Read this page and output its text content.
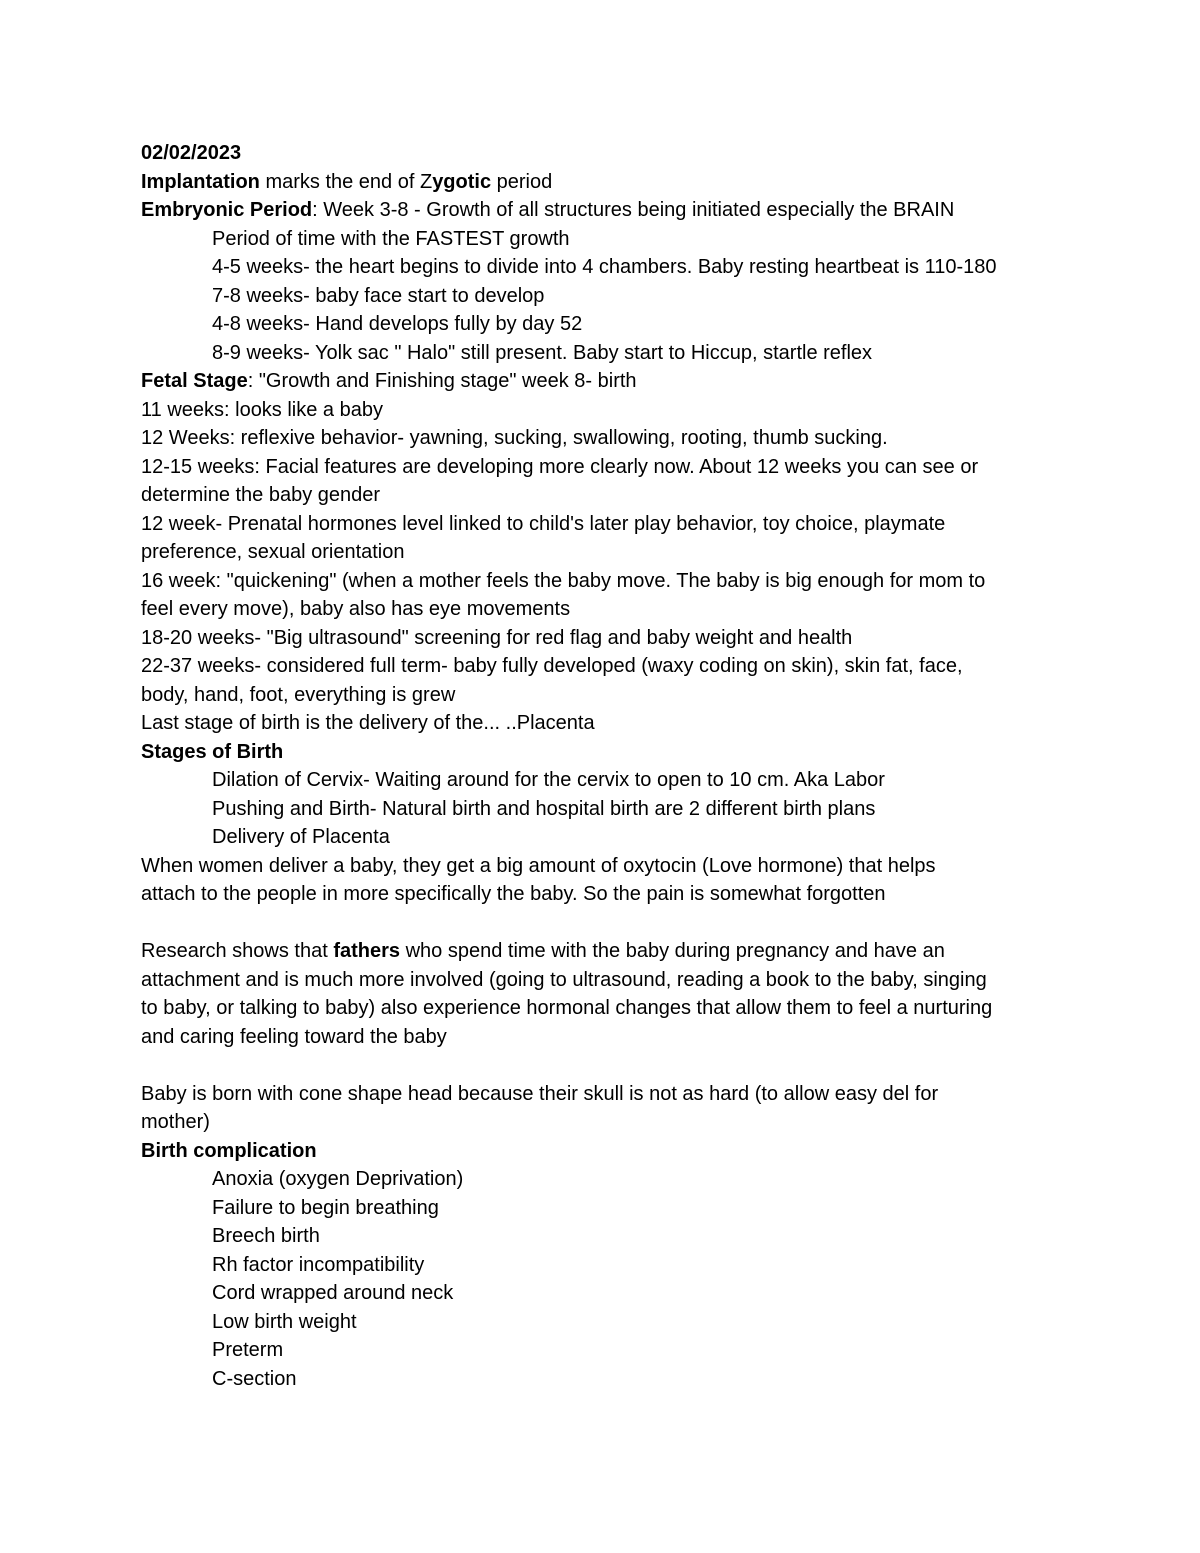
02/02/2023
Implantation marks the end of Zygotic period
Embryonic Period: Week 3-8 - Growth of all structures being initiated especially the BRAIN
Period of time with the FASTEST growth
4-5 weeks- the heart begins to divide into 4 chambers. Baby resting heartbeat is 110-180
7-8 weeks- baby face start to develop
4-8 weeks- Hand develops fully by day 52
8-9 weeks- Yolk sac " Halo" still present. Baby start to Hiccup, startle reflex
Fetal Stage: "Growth and Finishing stage" week 8- birth
11 weeks: looks like a baby
12 Weeks: reflexive behavior- yawning, sucking, swallowing, rooting, thumb sucking.
12-15 weeks: Facial features are developing more clearly now. About 12 weeks you can see or
determine the baby gender
12 week- Prenatal hormones level linked to child's later play behavior, toy choice, playmate
preference, sexual orientation
16 week: "quickening" (when a mother feels the baby move. The baby is big enough for mom to
feel every move), baby also has eye movements
18-20 weeks- "Big ultrasound" screening for red flag and baby weight and health
22-37 weeks- considered full term- baby fully developed (waxy coding on skin), skin fat, face,
body, hand, foot, everything is grew
Last stage of birth is the delivery of the... ..Placenta
Stages of Birth
Dilation of Cervix- Waiting around for the cervix to open to 10 cm. Aka Labor
Pushing and Birth- Natural birth and hospital birth are 2 different birth plans
Delivery of Placenta
When women deliver a baby, they get a big amount of oxytocin (Love hormone) that helps
attach to the people in more specifically the baby. So the pain is somewhat forgotten
Research shows that fathers who spend time with the baby during pregnancy and have an
attachment and is much more involved (going to ultrasound, reading a book to the baby, singing
to baby, or talking to baby) also experience hormonal changes that allow them to feel a nurturing
and caring feeling toward the baby
Baby is born with cone shape head because their skull is not as hard (to allow easy del for
mother)
Birth complication
Anoxia (oxygen Deprivation)
Failure to begin breathing
Breech birth
Rh factor incompatibility
Cord wrapped around neck
Low birth weight
Preterm
C-section
